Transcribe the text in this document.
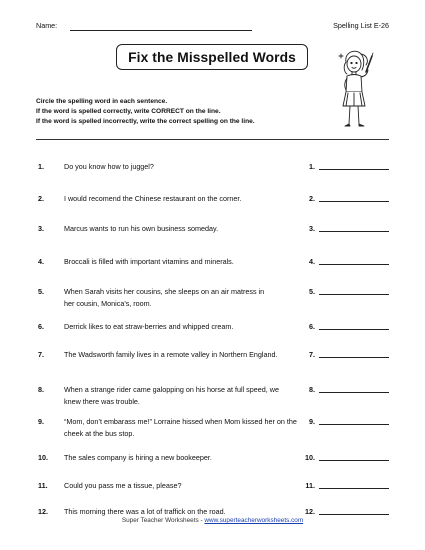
Name:	Spelling List E-26
Fix the Misspelled Words
Circle the spelling word in each sentence.
If the word is spelled correctly, write CORRECT on the line.
If the word is spelled incorrectly, write the correct spelling on the line.
1.	Do you know how to juggel?	1.
2.	I would recomend the Chinese restaurant on the corner.	2.
3.	Marcus wants to run his own business someday.	3.
4.	Broccali is filled with important vitamins and minerals.	4.
5.	When Sarah visits her cousins, she sleeps on an air matress in her cousin, Monica's, room.
5.
6.	Derrick likes to eat straw-berries and whipped cream.	6.
7.	The Wadsworth family lives in a remote valley in Northern England.	7.
8.	When a strange rider came galopping on his horse at full speed, we knew there was trouble.
8.
9.	“Mom, don’t embarass me!” Lorraine hissed when Mom kissed her on the cheek at the bus stop.
9.
10. The sales company is hiring a new bookeeper.	10.
11. Could you pass me a tissue, please?	11.
12. This morning there was a lot of traffick on the road.	12.
Super Teacher Worksheets - www.superteacherworksheets.com
